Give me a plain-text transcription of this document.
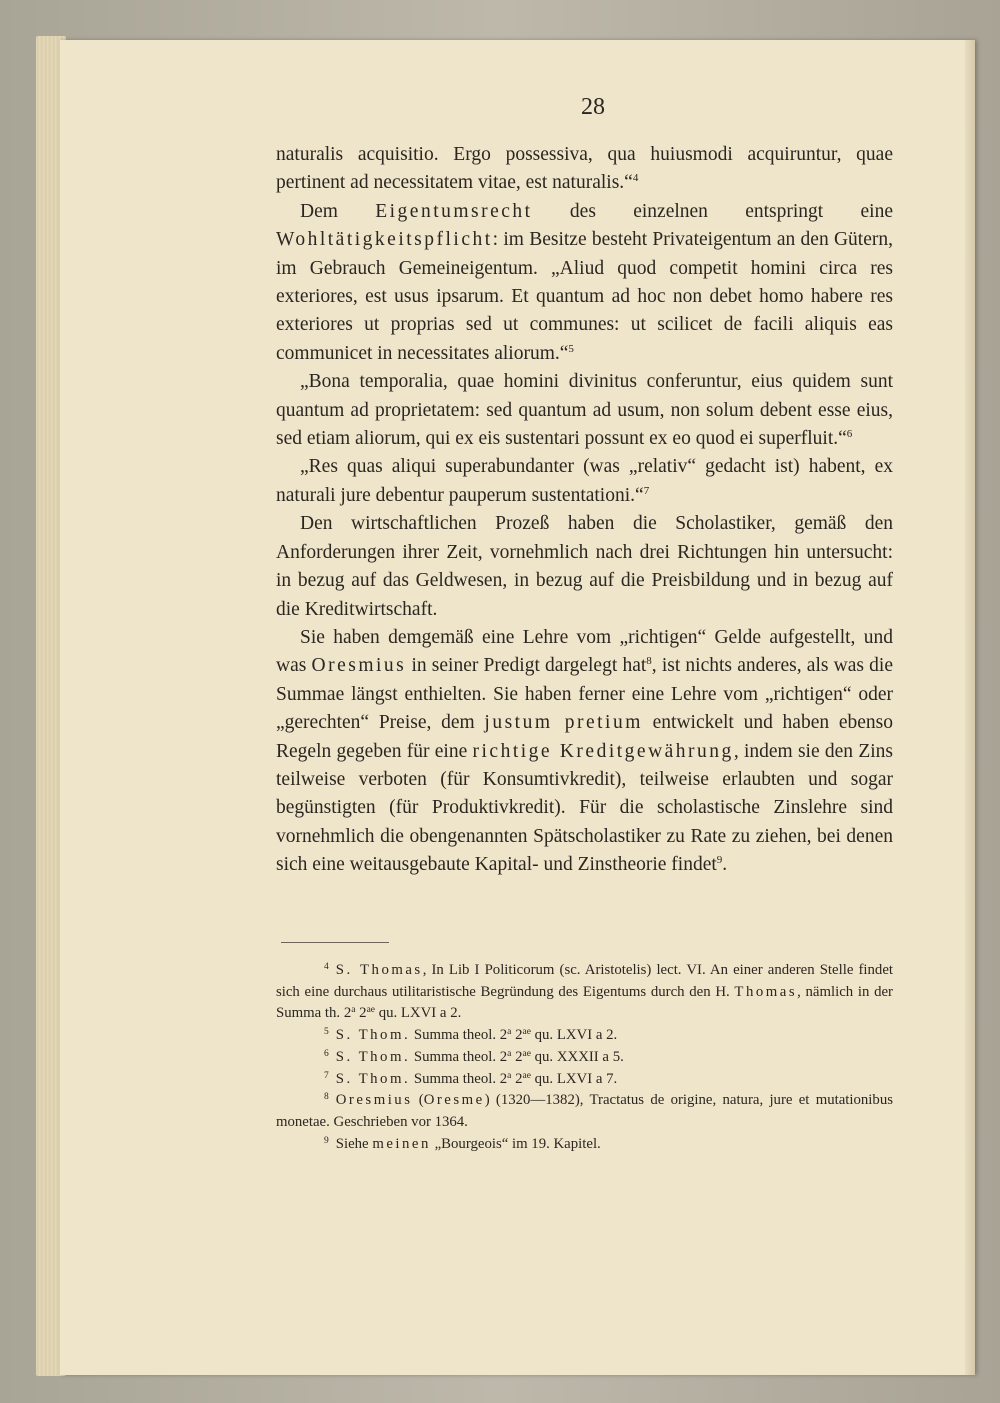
28

naturalis acquisitio. Ergo possessiva, qua huiusmodi acquiruntur, quae pertinent ad necessitatem vitae, est naturalis.“$^4$

Dem Eigentumsrecht des einzelnen entspringt eine Wohltätigkeitspflicht: im Besitze besteht Privateigentum an den Gütern, im Gebrauch Gemeineigentum. „Aliud quod competit homini circa res exteriores, est usus ipsarum. Et quantum ad hoc non debet homo habere res exteriores ut proprias sed ut communes: ut scilicet de facili aliquis eas communicet in necessitates aliorum.“$^5$

„Bona temporalia, quae homini divinitus conferuntur, eius quidem sunt quantum ad proprietatem: sed quantum ad usum, non solum debent esse eius, sed etiam aliorum, qui ex eis sustentari possunt ex eo quod ei superfluit.“$^6$

„Res quas aliqui superabundanter (was „relativ“ gedacht ist) habent, ex naturali jure debentur pauperum sustentationi.“$^7$

Den wirtschaftlichen Prozeß haben die Scholastiker, gemäß den Anforderungen ihrer Zeit, vornehmlich nach drei Richtungen hin untersucht: in bezug auf das Geldwesen, in bezug auf die Preisbildung und in bezug auf die Kreditwirtschaft.

Sie haben demgemäß eine Lehre vom „richtigen“ Gelde aufgestellt, und was Oresmius in seiner Predigt dargelegt hat$^8$, ist nichts anderes, als was die Summae längst enthielten. Sie haben ferner eine Lehre vom „richtigen“ oder „gerechten“ Preise, dem justum pretium entwickelt und haben ebenso Regeln gegeben für eine richtige Kreditgewährung, indem sie den Zins teilweise verboten (für Konsumtivkredit), teilweise erlaubten und sogar begünstigten (für Produktivkredit). Für die scholastische Zinslehre sind vornehmlich die obengenannten Spätscholastiker zu Rate zu ziehen, bei denen sich eine weitausgebaute Kapital- und Zinstheorie findet$^9$.

$^4$ S. Thomas, In Lib I Politicorum (sc. Aristotelis) lect. VI. An einer anderen Stelle findet sich eine durchaus utilitaristische Begründung des Eigentums durch den H. Thomas, nämlich in der Summa th. 2$^a$ $2^{ae}$ qu. LXVI a 2.

$^5$ S. Thom. Summa theol. 2$^a$ $2^{ae}$ qu. LXVI a 2.

$^6$ S. Thom. Summa theol. 2$^a$ $2^{ae}$ qu. XXXII a 5.

$^7$ S. Thom. Summa theol. 2$^a$ $2^{ae}$ qu. LXVI a 7.

$^8$ Oresmius (Oresme) (1320—1382), Tractatus de origine, natura, jure et mutationibus monetae. Geschrieben vor 1364.

$^9$ Siehe meinen „Bourgeois“ im 19. Kapitel.
